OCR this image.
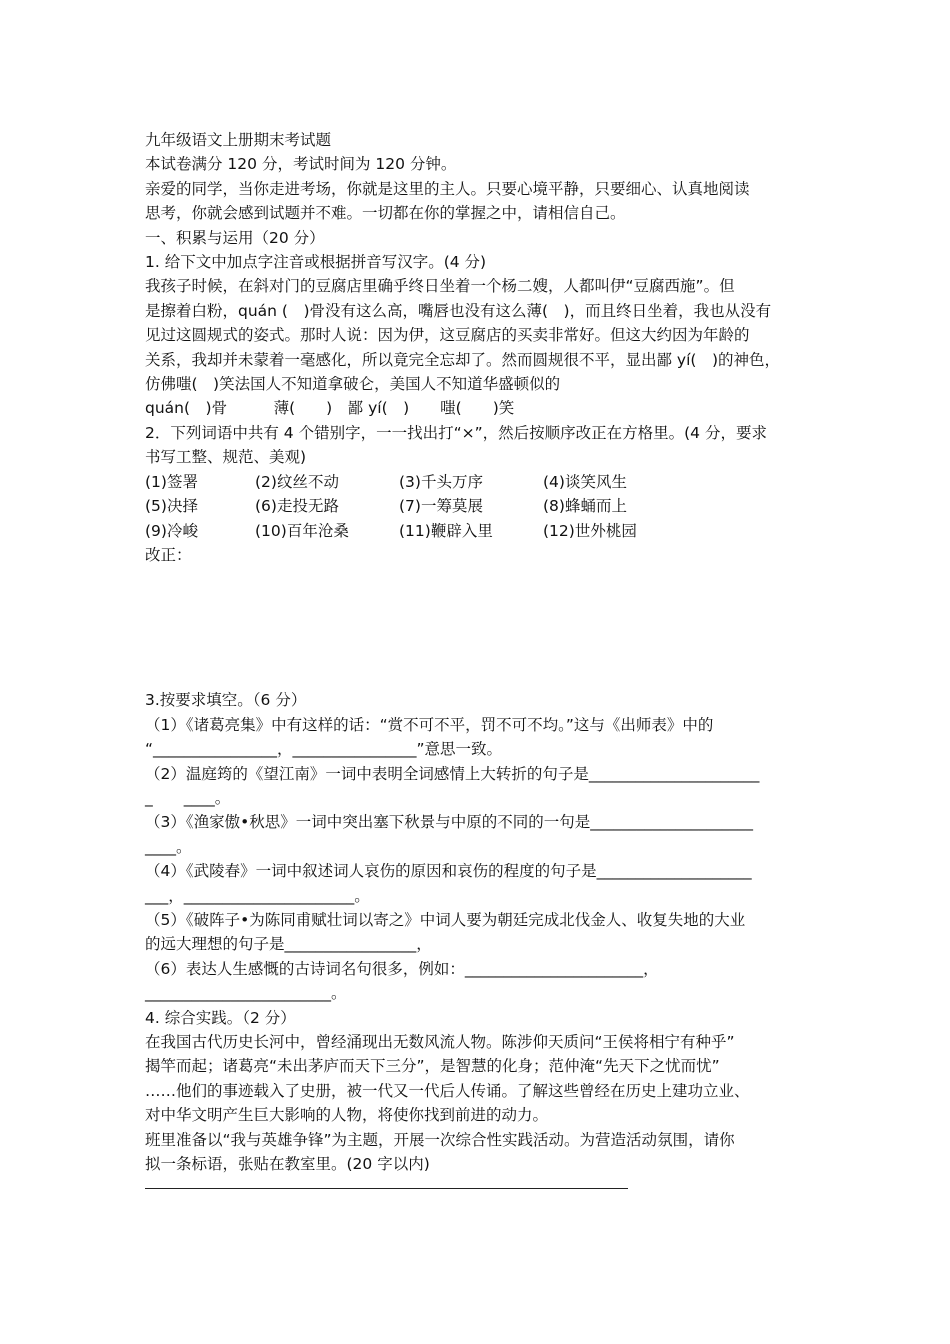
九年级语文上册期末考试题
本试卷满分 120 分，考试时间为 120 分钟。
亲爱的同学，当你走进考场，你就是这里的主人。只要心境平静，只要细心、认真地阅读
思考，你就会感到试题并不难。一切都在你的掌握之中，请相信自己。
一、积累与运用（20 分）
1. 给下文中加点字注音或根据拼音写汉字。(4 分)
我孩子时候，在斜对门的豆腐店里确乎终日坐着一个杨二嫂，人都叫伊“豆腐西施”。但
是擦着白粉，quán (　)骨没有这么高，嘴唇也没有这么薄(　)，而且终日坐着，我也从没有
见过这圆规式的姿式。那时人说：因为伊，这豆腐店的买卖非常好。但这大约因为年龄的
关系，我却并未蒙着一毫感化，所以竟完全忘却了。然而圆规很不平，显出鄙 yí(　)的神色，
仿佛嗤(　)笑法国人不知道拿破仑，美国人不知道华盛顿似的
quán(　)骨　　　薄(　　)　鄙 yí(　)　　嗤(　　)笑
2．下列词语中共有 4 个错别字，一一找出打“×”，然后按顺序改正在方格里。(4 分，要求
书写工整、规范、美观)
(1)签署	(2)纹丝不动	(3)千头万序	(4)谈笑风生
(5)决择	(6)走投无路	(7)一筹莫展	(8)蜂蛹而上
(9)冷峻	(10)百年沧桑	(11)鞭辟入里	(12)世外桃园
改正：
3.按要求填空。（6 分）
（1）《诸葛亮集》中有这样的话：“赏不可不平，罚不可不均。”这与《出师表》中的
“________________，________________”意思一致。
（2）温庭筠的《望江南》一词中表明全词感情上大转折的句子是______________________
_　　____。
（3）《渔家傲•秋思》一词中突出塞下秋景与中原的不同的一句是_____________________
____。
（4）《武陵春》一词中叙述词人哀伤的原因和哀伤的程度的句子是____________________
___，______________________。
（5）《破阵子•为陈同甫赋壮词以寄之》中词人要为朝廷完成北伐金人、收复失地的大业
的远大理想的句子是_________________，
（6）表达人生感慨的古诗词名句很多，例如：_______________________，
________________________。
4. 综合实践。（2 分）
在我国古代历史长河中，曾经涌现出无数风流人物。陈涉仰天质问“王侯将相宁有种乎”
揭竿而起；诸葛亮“未出茅庐而天下三分”，是智慧的化身；范仲淹“先天下之忧而忧”
……他们的事迹载入了史册，被一代又一代后人传诵。了解这些曾经在历史上建功立业、
对中华文明产生巨大影响的人物，将使你找到前进的动力。
班里准备以“我与英雄争锋”为主题，开展一次综合性实践活动。为营造活动氛围，请你
拟一条标语，张贴在教室里。(20 字以内)
